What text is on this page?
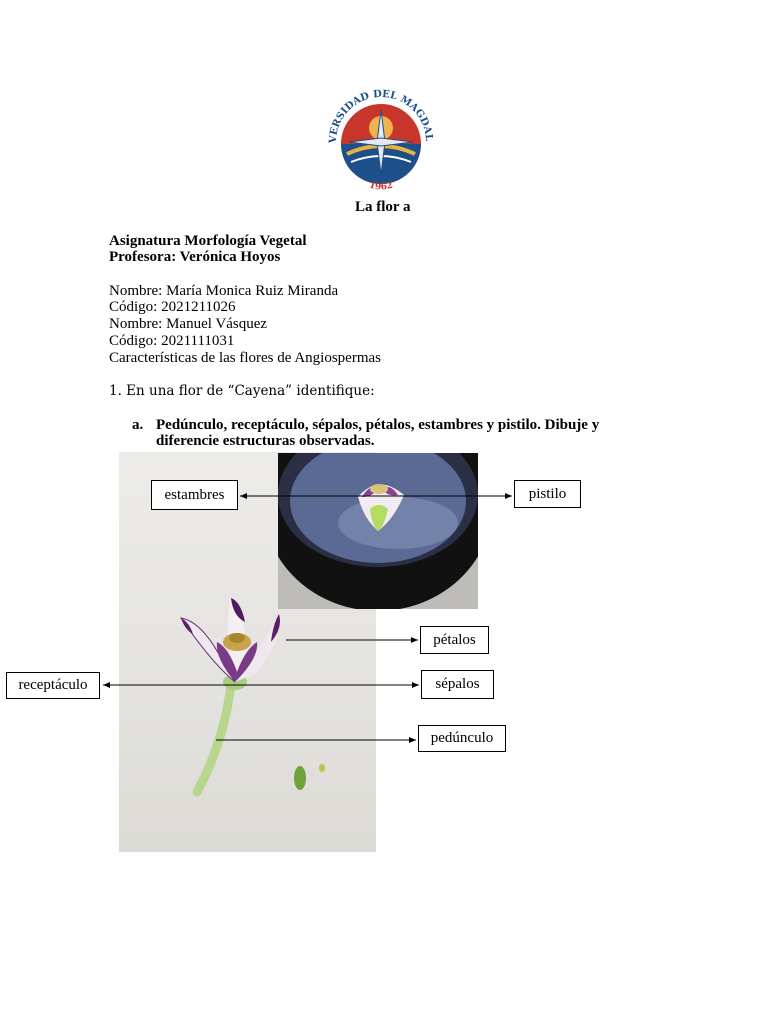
VERSIDAD DEL MAGDAL
1962
La flor a
Asignatura Morfología Vegetal
Profesora: Verónica Hoyos
Nombre: María Monica Ruiz Miranda
Código: 2021211026
Nombre: Manuel Vásquez
Código: 2021111031
Características de las flores de Angiospermas
1. En una flor de “Cayena” identifique:
a. Pedúnculo, receptáculo, sépalos, pétalos, estambres y pistilo. Dibuje y
diferencie estructuras observadas.
estambres	pistilo
pétalos
sépalos
receptáculo
pedúnculo
